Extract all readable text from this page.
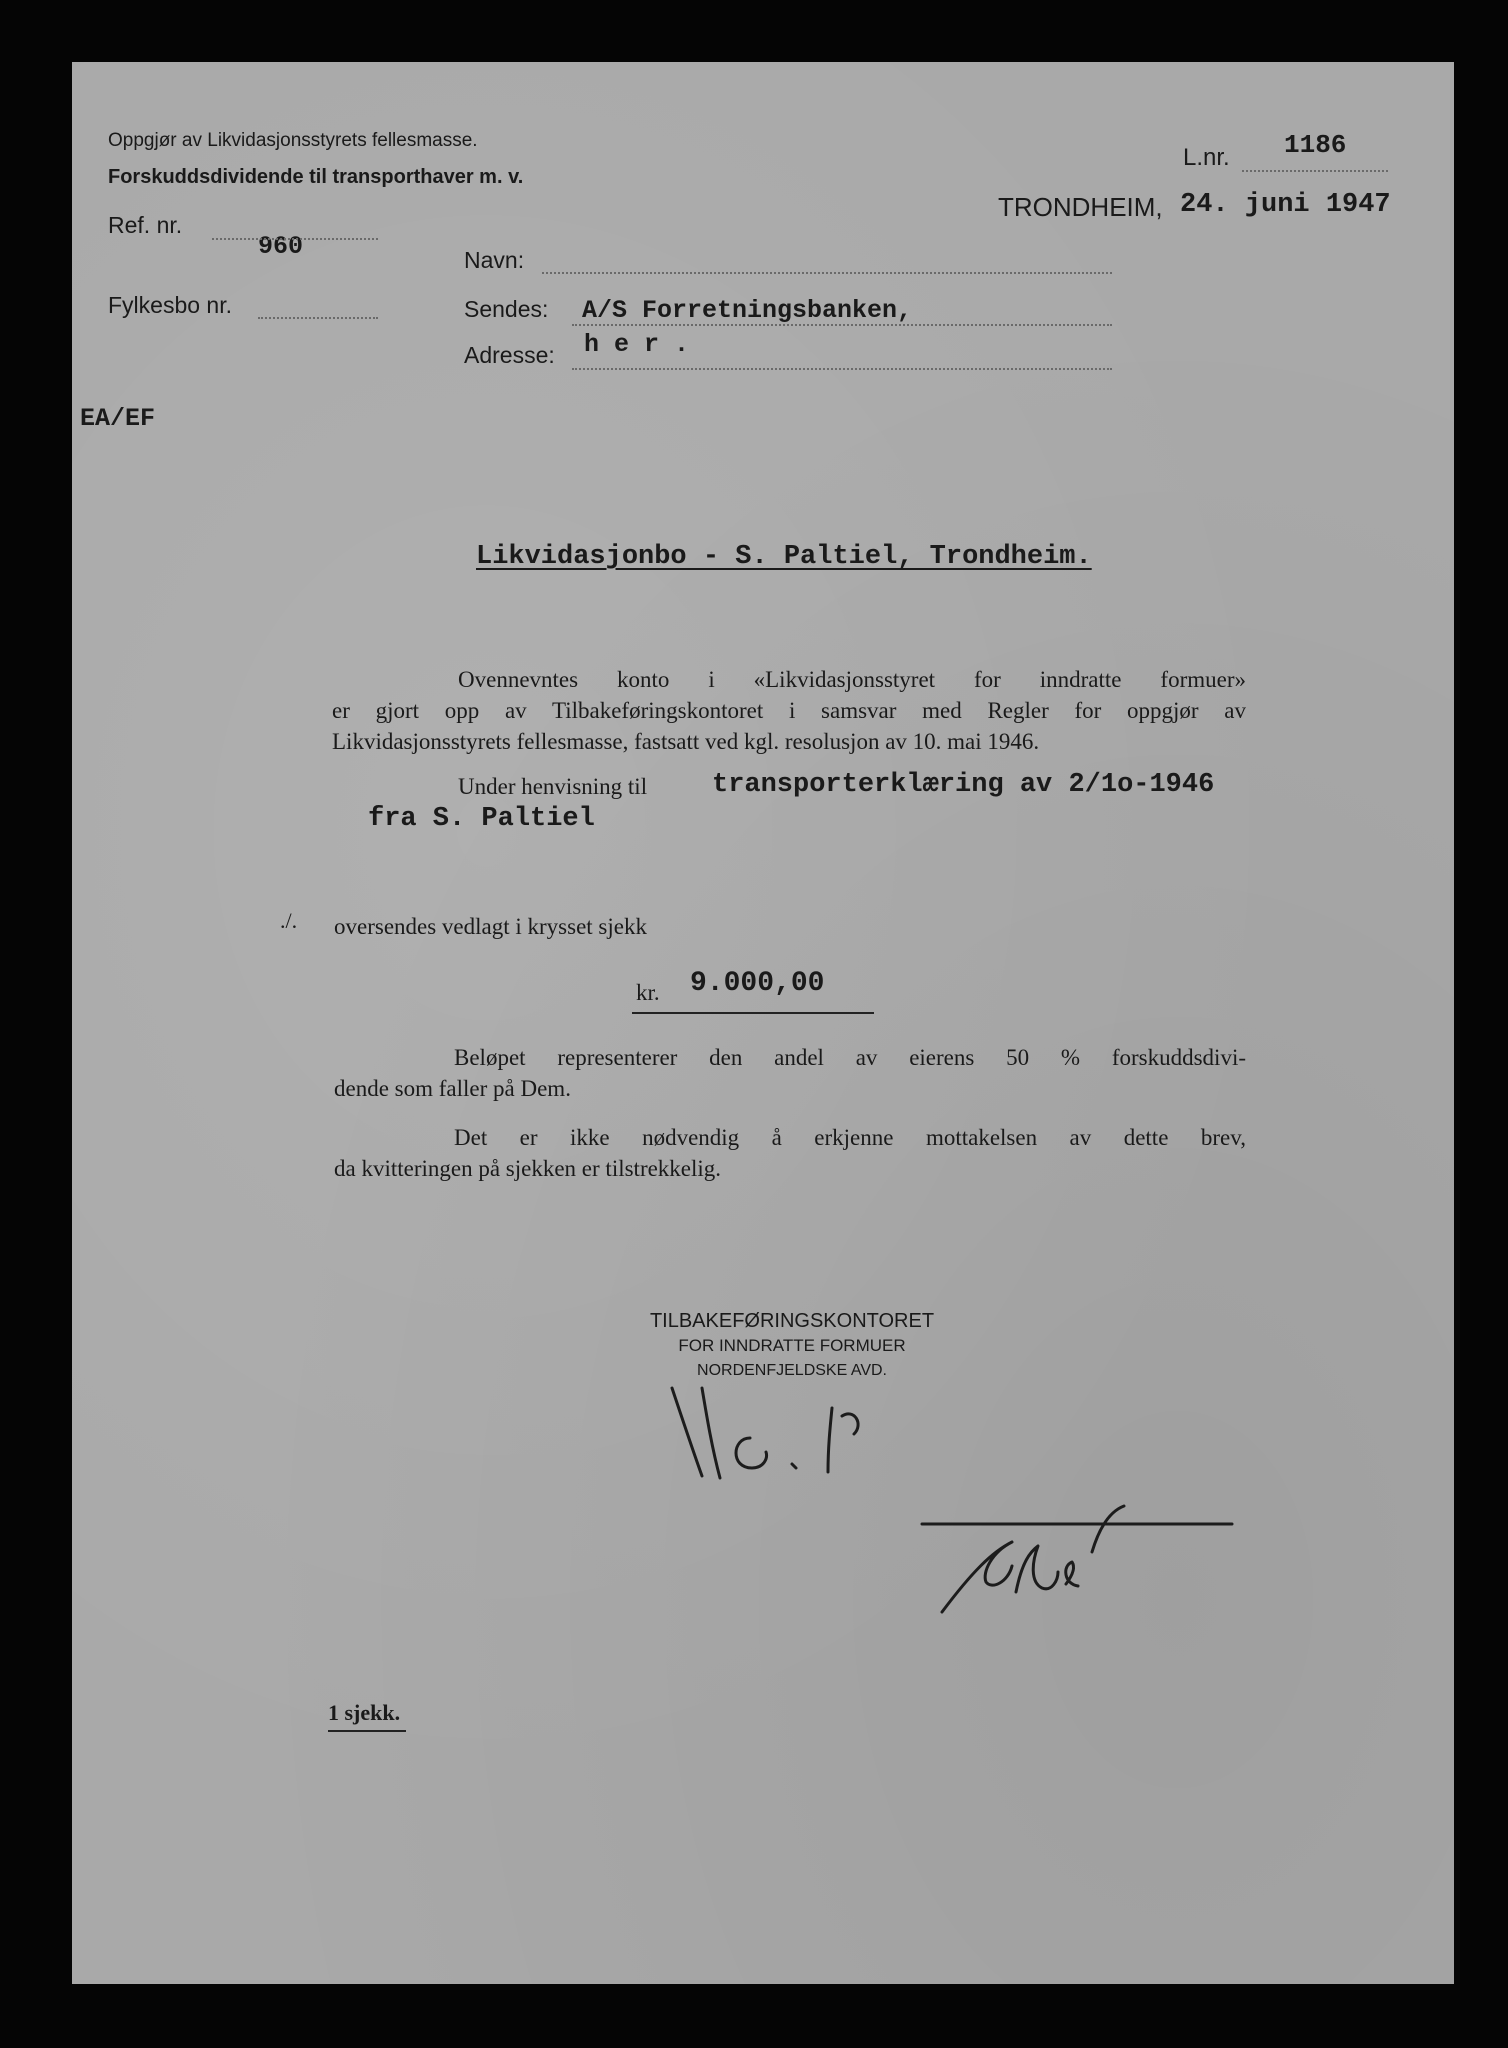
Oppgjør av Likvidasjonsstyrets fellesmasse.
Forskuddsdividende til transporthaver m. v.
L.nr. 1186
TRONDHEIM, 24. juni 1947
Ref. nr.
960
Fylkesbo nr.
Navn:
Sendes: A/S Forretningsbanken,
Adresse: h e r .
EA/EF
Likvidasjonbo - S. Paltiel, Trondheim.
Ovennevntes konto i «Likvidasjonsstyret for inndratte formuer»
er gjort opp av Tilbakeføringskontoret i samsvar med Regler for oppgjør av
Likvidasjonsstyrets fellesmasse, fastsatt ved kgl. resolusjon av 10. mai 1946.
Under henvisning til transporterklæring av 2/1o-1946
fra S. Paltiel
./. oversendes vedlagt i krysset sjekk
kr. 9.000,00
Beløpet representerer den andel av eierens 50 % forskuddsdivi-
dende som faller på Dem.
Det er ikke nødvendig å erkjenne mottakelsen av dette brev,
da kvitteringen på sjekken er tilstrekkelig.
TILBAKEFØRINGSKONTORET
FOR INNDRATTE FORMUER
NORDENFJELDSKE AVD.
1 sjekk.
